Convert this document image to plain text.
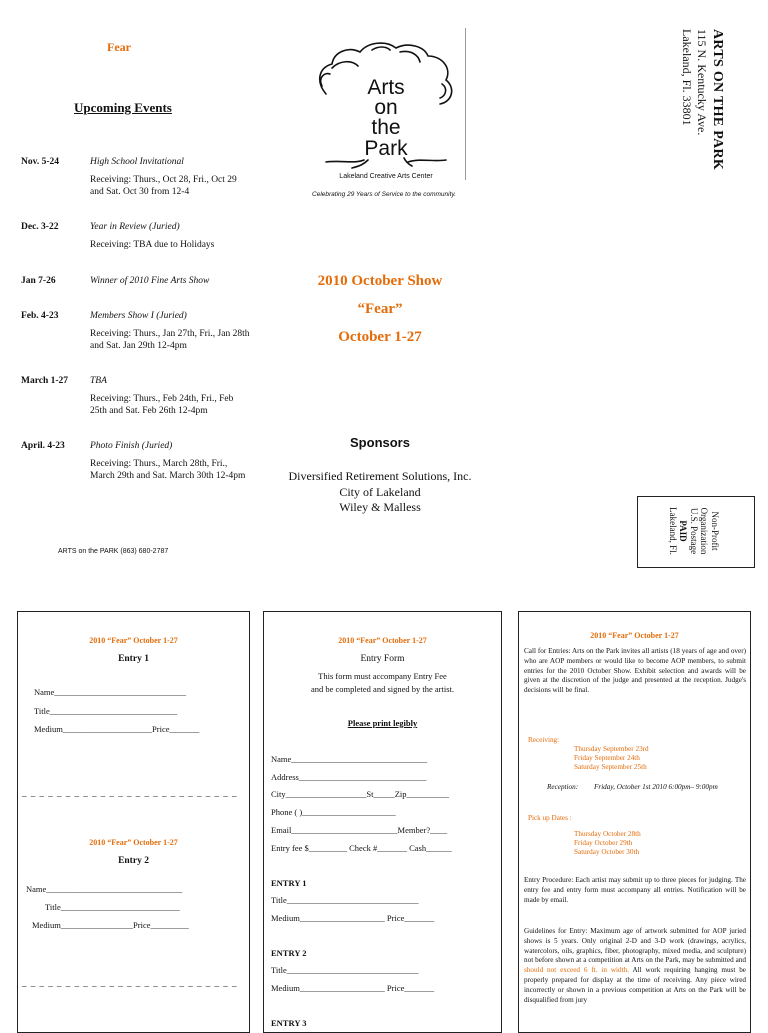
Fear
Upcoming Events
Nov. 5-24	High School Invitational
Receiving: Thurs., Oct 28, Fri., Oct 29 and Sat. Oct 30 from 12-4
Dec. 3-22	Year in Review (Juried)
Receiving: TBA due to Holidays
Jan 7-26	Winner of 2010 Fine Arts Show
Feb. 4-23	Members Show I (Juried)
Receiving: Thurs., Jan 27th, Fri., Jan 28th and Sat. Jan 29th 12-4pm
March 1-27 TBA
Receiving: Thurs., Feb 24th, Fri., Feb 25th and Sat. Feb 26th 12-4pm
April. 4-23	Photo Finish (Juried)
Receiving: Thurs., March 28th, Fri., March 29th and Sat. March 30th 12-4pm
ARTS on the PARK (863) 680-2787
Arts
on
the
Park
Lakeland Creative Arts Center
Celebrating 29 Years of Service to the community.
2010 October Show
“Fear”
October 1-27
Sponsors
Diversified Retirement Solutions, Inc.
City of Lakeland
Wiley & Malless
ARTS ON THE PARK
115 N. Kentucky Ave.
Lakeland, Fl. 33801
Non-Profit
Organization
U.S. Postage
PAID
Lakeland, Fl.
2010 “Fear” October 1-27
Entry 1
Name_______________________________
Title______________________________
Medium_____________________Price_______
_ _ _ _ _ _ _ _ _ _ _ _ _ _ _ _ _ _ _ _ _ _ _ _ _
2010 “Fear” October 1-27
Entry 2
Name________________________________
Title____________________________
Medium_________________Price_________
_ _ _ _ _ _ _ _ _ _ _ _ _ _ _ _ _ _ _ _ _ _ _ _ _
2010 “Fear” October 1-27
Entry Form
This form must accompany Entry Fee
and be completed and signed by the artist.
Please print legibly
Name________________________________
Address______________________________
City___________________St_____Zip__________
Phone ( )______________________
Email_________________________Member?____
Entry fee $_________ Check #_______ Cash______
ENTRY 1
Title_______________________________
Medium____________________ Price_______
ENTRY 2
Title_______________________________
Medium____________________ Price_______
ENTRY 3
2010 “Fear” October 1-27
Call for Entries: Arts on the Park invites all artists (18 years of age and over) who are AOP members or would like to become AOP members, to submit entries for the 2010 October Show. Exhibit selection and awards will be given at the discretion of the judge and presented at the reception. Judge's decisions will be final.
Receiving:
Thursday September 23rd
Friday September 24th
Saturday September 25th
Reception:	Friday, October 1st 2010 6:00pm– 9:00pm
Pick up Dates :
Thursday October 28th
Friday October 29th
Saturday October 30th
Entry Procedure: Each artist may submit up to three pieces for judging. The entry fee and entry form must accompany all entries. Notification will be made by email.
Guidelines for Entry: Maximum age of artwork submitted for AOP juried shows is 5 years. Only original 2-D and 3-D work (drawings, acrylics, watercolors, oils, graphics, fiber, photography, mixed media, and sculpture) not before shown at a competition at Arts on the Park, may be submitted and should not exceed 6 ft. in width. All work requiring hanging must be properly prepared for display at the time of receiving. Any piece wired incorrectly or shown in a previous competition at Arts on the Park will be disqualified from jury
